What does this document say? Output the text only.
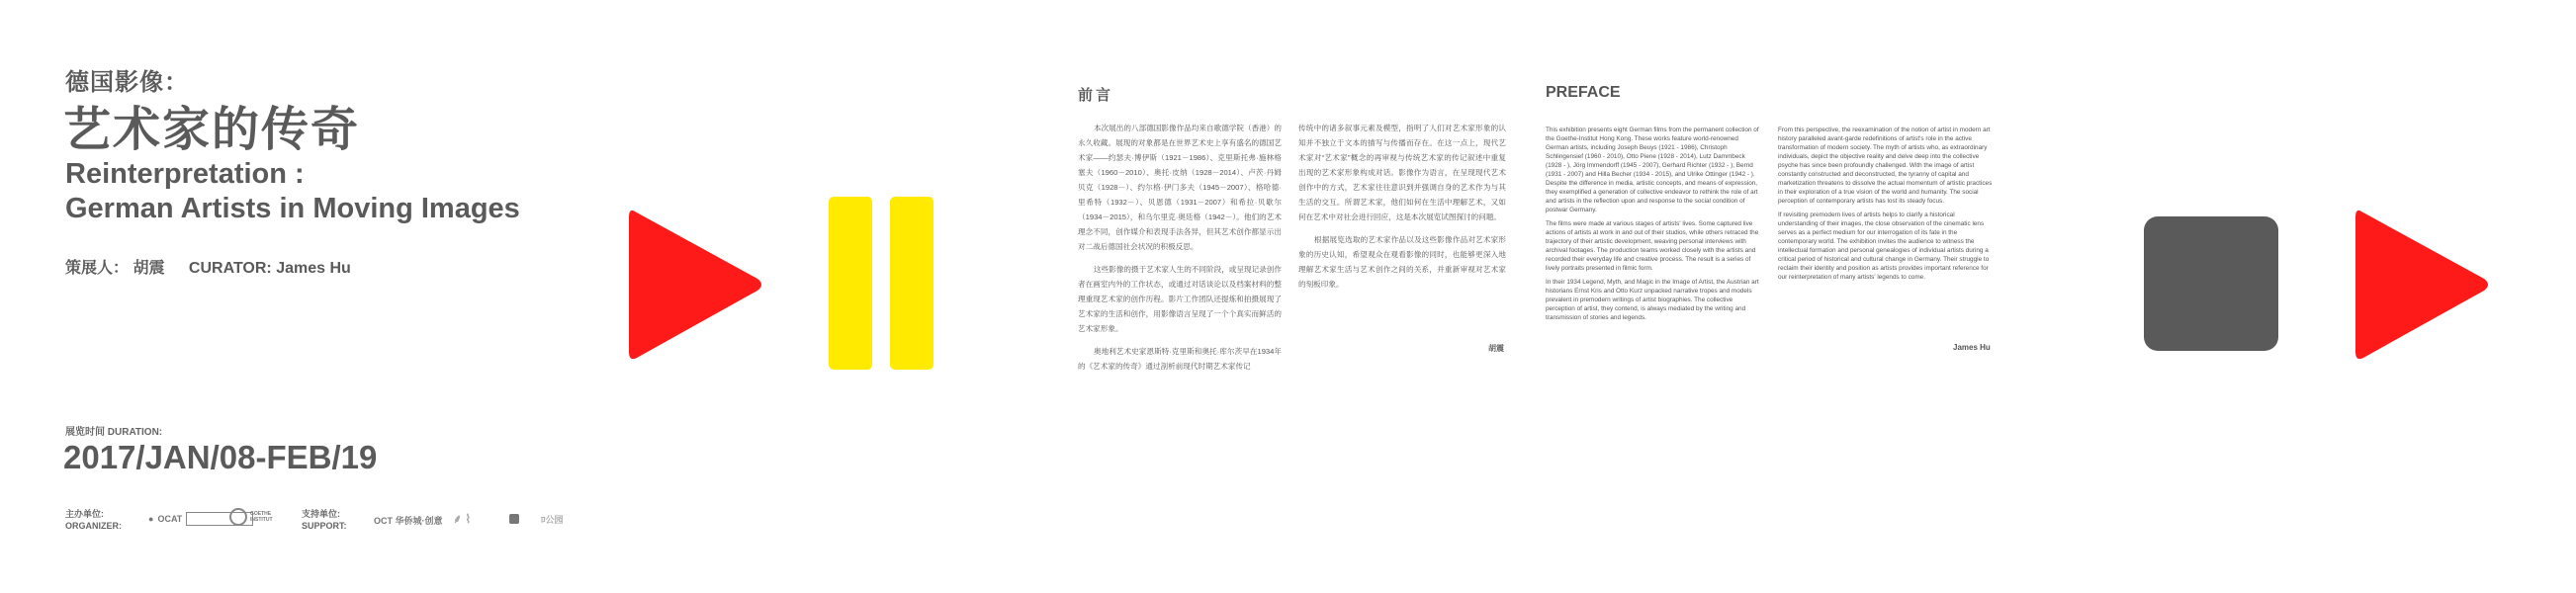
德国影像：
艺术家的传奇
Reinterpretation :
German Artists in Moving Images
策展人： 胡震 CURATOR: James Hu
展览时间 DURATION:
2017/JAN/08-FEB/19
主办单位:
ORGANIZER:
● OCAT	GOETHE INSTITUT
支持单位:
SUPPORT:	OCT 华侨城·创意 ⸙ ⌇	ﾛ公园
前言

本次展出的八部德国影像作品均来自歌德学院（香港）的永久收藏。展现的对象都是在世界艺术史上享有盛名的德国艺术家——约瑟夫·博伊斯（1921－1986）、克里斯托弗·施林格塞夫（1960－2010）、奥托·皮纳（1928－2014）、卢茨·丹姆贝克（1928－）、约尔格·伊门多夫（1945－2007）、格哈德·里希特（1932－）、贝恩德（1931－2007）和希拉·贝歇尔（1934－2015），和乌尔里克·奥廷格（1942－）。他们的艺术理念不同，创作媒介和表现手法各异，但其艺术创作都显示出对二战后德国社会状况的积极反思。

这些影像的摄于艺术家人生的不同阶段，或呈现记录创作者在画室内外的工作状态，或通过对话谈论以及档案材料的整理重现艺术家的创作历程。影片工作团队还提炼和拍摄展现了艺术家的生活和创作，用影像语言呈现了一个个真实而鲜活的艺术家形象。

奥地利艺术史家恩斯特·克里斯和奥托·库尔茨早在1934年的《艺术家的传奇》通过剖析前现代时期艺术家传记

传统中的诸多叙事元素及模型，指明了人们对艺术家形象的认知并不独立于文本的描写与传播而存在。在这一点上，现代艺术家对“艺术家”概念的再审视与传统艺术家的传记叙述中重复出现的艺术家形象构成对话。影像作为语言，在呈现现代艺术创作中的方式，艺术家往往意识到并强调自身的艺术作为与其生活的交互。所谓艺术家，他们如何在生活中理解艺术，又如何在艺术中对社会进行回应，这是本次展览试图探讨的问题。

根据展览选取的艺术家作品以及这些影像作品对艺术家形象的历史认知，希望观众在观看影像的同时，也能够更深入地理解艺术家生活与艺术创作之间的关系，并重新审视对艺术家的刻板印象。

胡震
PREFACE

This exhibition presents eight German films from the permanent collection of the Goethe-Institut Hong Kong. These works feature world-renowned German artists, including Joseph Beuys (1921 - 1986), Christoph Schlingensief (1960 - 2010), Otto Piene (1928 - 2014), Lutz Dammbeck (1928 - ), Jörg Immendorff (1945 - 2007), Gerhard Richter (1932 - ), Bernd (1931 - 2007) and Hilla Becher (1934 - 2015), and Ulrike Ottinger (1942 - ). Despite the difference in media, artistic concepts, and means of expression, they exemplified a generation of collective endeavor to rethink the role of art and artists in the reflection upon and response to the social condition of postwar Germany.

The films were made at various stages of artists' lives. Some captured live actions of artists at work in and out of their studios, while others retraced the trajectory of their artistic development, weaving personal interviews with archival footages. The production teams worked closely with the artists and recorded their everyday life and creative process. The result is a series of lively portraits presented in filmic form.

In their 1934 Legend, Myth, and Magic in the Image of Artist, the Austrian art historians Ernst Kris and Otto Kurz unpacked narrative tropes and models prevalent in premodern writings of artist biographies. The collective perception of artist, they contend, is always mediated by the writing and transmission of stories and legends.

From this perspective, the reexamination of the notion of artist in modern art history paralleled avant-garde redefinitions of artist's role in the active transformation of modern society. The myth of artists who, as extraordinary individuals, depict the objective reality and delve deep into the collective psyche has since been profoundly challenged. With the image of artist constantly constructed and deconstructed, the tyranny of capital and marketization threatens to dissolve the actual momentum of artistic practices in their exploration of a true vision of the world and humanity. The social perception of contemporary artists has lost its steady focus.

If revisiting premodern lives of artists helps to clarify a historical understanding of their images, the close observation of the cinematic lens serves as a perfect medium for our interrogation of its fate in the contemporary world. The exhibition invites the audience to witness the intellectual formation and personal genealogies of individual artists during a critical period of historical and cultural change in Germany. Their struggle to reclaim their identity and position as artists provides important reference for our reinterpretation of many artists' legends to come.

James Hu
